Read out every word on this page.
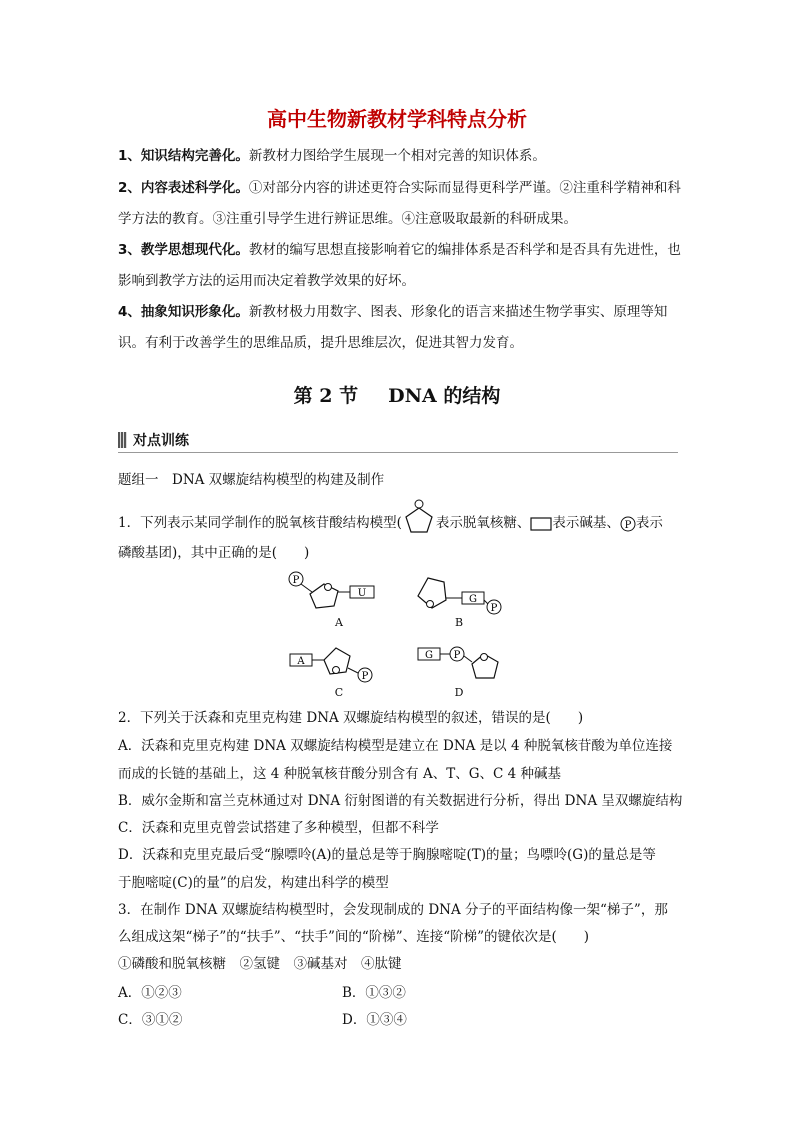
高中生物新教材学科特点分析
1、知识结构完善化。新教材力图给学生展现一个相对完善的知识体系。
2、内容表述科学化。①对部分内容的讲述更符合实际而显得更科学严谨。②注重科学精神和科学方法的教育。③注重引导学生进行辨证思维。④注意吸取最新的科研成果。
3、教学思想现代化。教材的编写思想直接影响着它的编排体系是否科学和是否具有先进性，也影响到教学方法的运用而决定着教学效果的好坏。
4、抽象知识形象化。新教材极力用数字、图表、形象化的语言来描述生物学事实、原理等知识。有利于改善学生的思维品质，提升思维层次，促进其智力发育。
第 2 节 DNA 的结构
对点训练
题组一　DNA 双螺旋结构模型的构建及制作
1．下列表示某同学制作的脱氧核苷酸结构模型(	表示脱氧核糖、 表示碱基、 P 表示
磷酸基团)，其中正确的是(　　)
P
U
A
G
P
B
A
P
C
G P
D
2．下列关于沃森和克里克构建 DNA 双螺旋结构模型的叙述，错误的是(　　)
A．沃森和克里克构建 DNA 双螺旋结构模型是建立在 DNA 是以 4 种脱氧核苷酸为单位连接
而成的长链的基础上，这 4 种脱氧核苷酸分别含有 A、T、G、C 4 种碱基
B．威尔金斯和富兰克林通过对 DNA 衍射图谱的有关数据进行分析，得出 DNA 呈双螺旋结构
C．沃森和克里克曾尝试搭建了多种模型，但都不科学
D．沃森和克里克最后受“腺嘌呤(A)的量总是等于胸腺嘧啶(T)的量；鸟嘌呤(G)的量总是等
于胞嘧啶(C)的量”的启发，构建出科学的模型
3．在制作 DNA 双螺旋结构模型时，会发现制成的 DNA 分子的平面结构像一架“梯子”，那
么组成这架“梯子”的“扶手”、“扶手”间的“阶梯”、连接“阶梯”的键依次是(　　)
①磷酸和脱氧核糖　②氢键　③碱基对　④肽键
A．①②③	B．①③②
C．③①②	D．①③④
